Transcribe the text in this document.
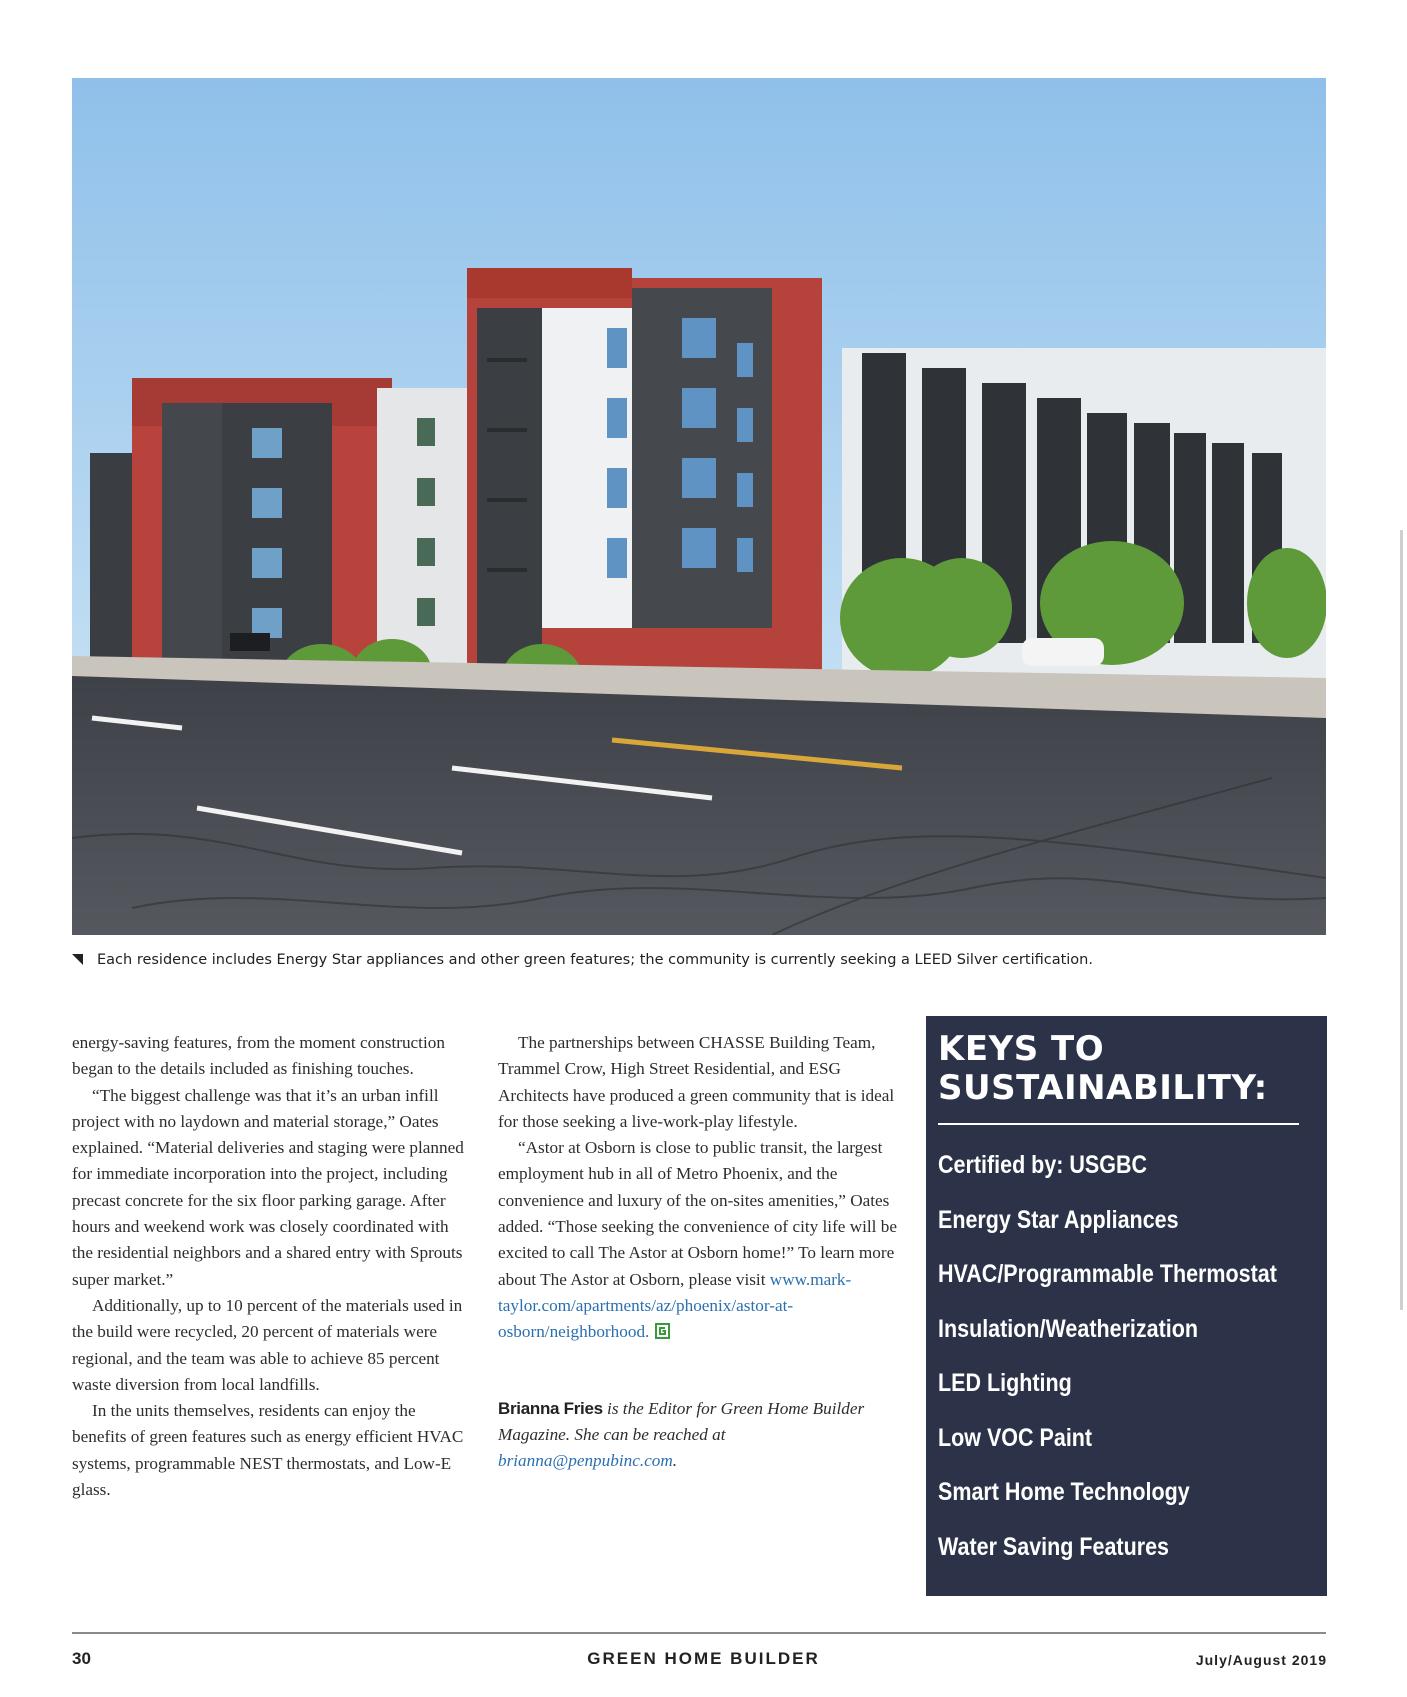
Each residence includes Energy Star appliances and other green features; the community is currently seeking a LEED Silver certification.

energy-saving features, from the moment construction began to the details included as finishing touches.

“The biggest challenge was that it’s an urban infill project with no laydown and material storage,” Oates explained. “Material deliveries and staging were planned for immediate incorporation into the project, including precast concrete for the six floor parking garage. After hours and weekend work was closely coordinated with the residential neighbors and a shared entry with Sprouts super market.”

Additionally, up to 10 percent of the materials used in the build were recycled, 20 percent of materials were regional, and the team was able to achieve 85 percent waste diversion from local landfills.

In the units themselves, residents can enjoy the benefits of green features such as energy efficient HVAC systems, programmable NEST thermostats, and Low-E glass.

The partnerships between CHASSE Building Team, Trammel Crow, High Street Residential, and ESG Architects have produced a green community that is ideal for those seeking a live-work-play lifestyle.

“Astor at Osborn is close to public transit, the largest employment hub in all of Metro Phoenix, and the convenience and luxury of the on-sites amenities,” Oates added. “Those seeking the convenience of city life will be excited to call The Astor at Osborn home!” To learn more about The Astor at Osborn, please visit www.mark-taylor.com/apartments/az/phoenix/astor-at-osborn/neighborhood.

Brianna Fries is the Editor for Green Home Builder Magazine. She can be reached at brianna@penpubinc.com.

KEYS TO
SUSTAINABILITY:
Certified by: USGBC
Energy Star Appliances
HVAC/Programmable Thermostat
Insulation/Weatherization
LED Lighting
Low VOC Paint
Smart Home Technology
Water Saving Features
30	GREEN HOME BUILDER	July/August 2019
